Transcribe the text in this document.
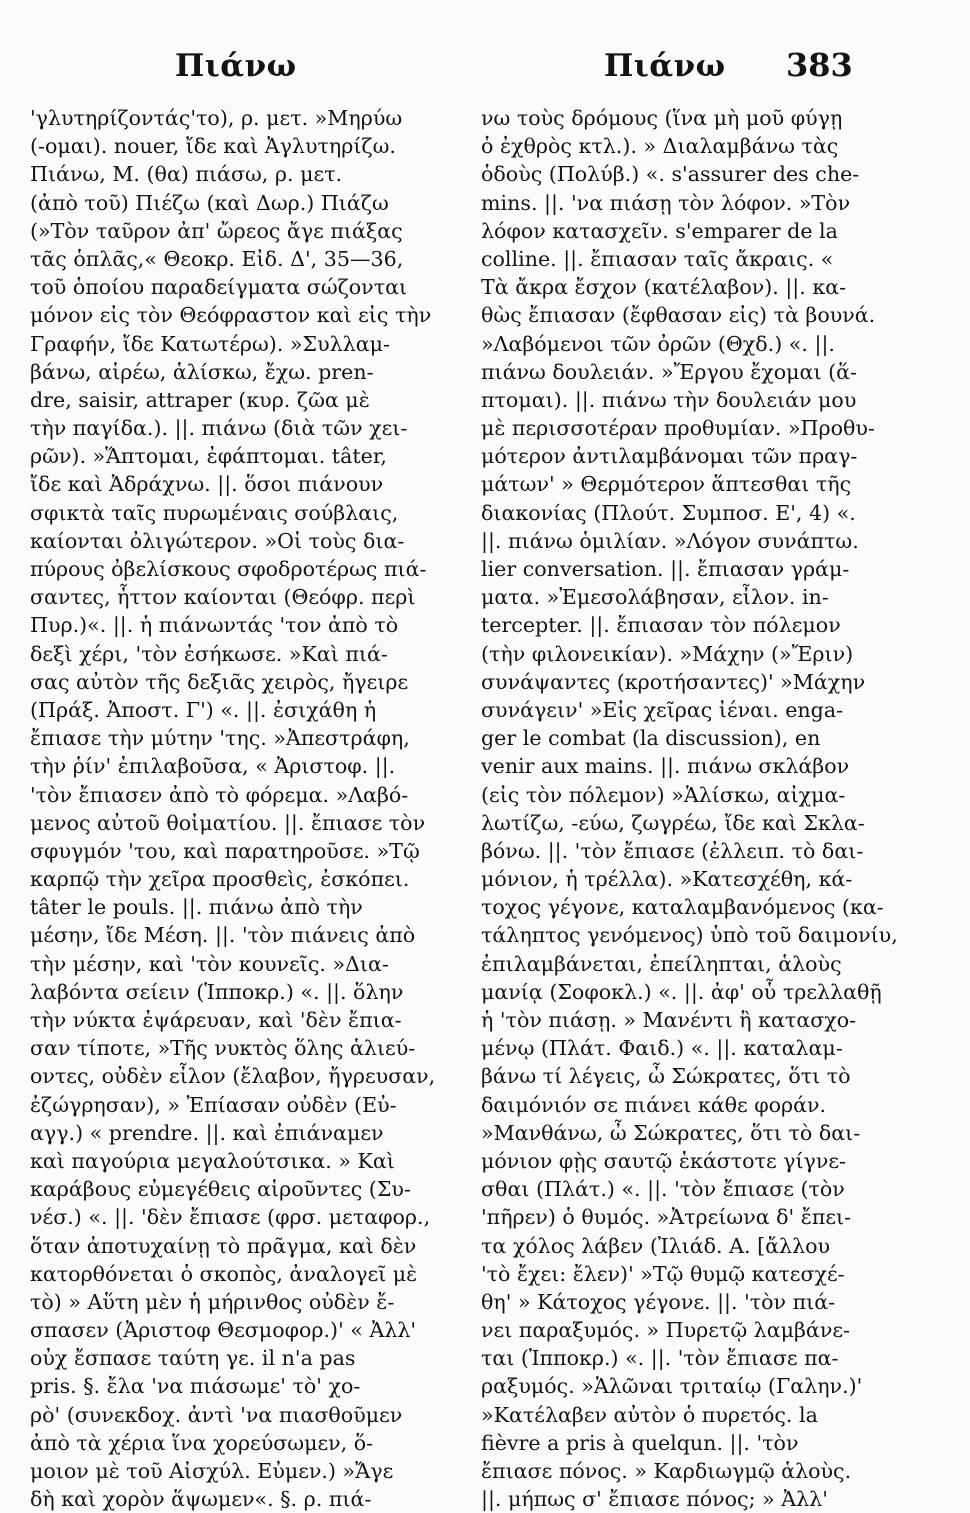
Πιάνω	Πιάνω 383
'γλυτηρίζοντάς'το), ρ. μετ. »Μηρύω
(-ομαι). nouer, ἴδε καὶ Ἀγλυτηρίζω.
Πιάνω, Μ. (θα) πιάσω, ρ. μετ.
(ἀπὸ τοῦ) Πιέζω (καὶ Δωρ.) Πιάζω
(»Τὸν ταῦρον ἀπ' ὤρεος ἄγε πιάξας
τᾶς ὁπλᾶς,« Θεοκρ. Εἰδ. Δ', 35—36,
τοῦ ὁποίου παραδείγματα σώζονται
μόνον εἰς τὸν Θεόφραστον καὶ εἰς τὴν
Γραφήν, ἴδε Κατωτέρω). »Συλλαμ-
βάνω, αἱρέω, ἁλίσκω, ἔχω. pren-
dre, saisir, attraper (κυρ. ζῶα μὲ
τὴν παγίδα.). ||. πιάνω (διὰ τῶν χει-
ρῶν). »Ἅπτομαι, ἐφάπτομαι. tâter,
ἴδε καὶ Ἀδράχνω. ||. ὅσοι πιάνουν
σφικτὰ ταῖς πυρωμέναις σούβλαις,
καίονται ὀλιγώτερον. »Οἱ τοὺς δια-
πύρους ὀβελίσκους σφοδροτέρως πιά-
σαντες, ἧττον καίονται (Θεόφρ. περὶ
Πυρ.)«. ||. ἡ πιάνωντάς 'τον ἀπὸ τὸ
δεξὶ χέρι, 'τὸν ἐσήκωσε. »Καὶ πιά-
σας αὐτὸν τῆς δεξιᾶς χειρὸς, ἤγειρε
(Πράξ. Ἀποστ. Γ') «. ||. ἐσιχάθη ἡ
ἔπιασε τὴν μύτην 'της. »Ἀπεστράφη,
τὴν ῥίν' ἐπιλαβοῦσα, « Ἀριστοφ. ||.
'τὸν ἔπιασεν ἀπὸ τὸ φόρεμα. »Λαβό-
μενος αὐτοῦ θοἰματίου. ||. ἔπιασε τὸν
σφυγμόν 'του, καὶ παρατηροῦσε. »Τῷ
καρπῷ τὴν χεῖρα προσθεὶς, ἐσκόπει.
tâter le pouls. ||. πιάνω ἀπὸ τὴν
μέσην, ἴδε Μέση. ||. 'τὸν πιάνεις ἀπὸ
τὴν μέσην, καὶ 'τὸν κουνεῖς. »Δια-
λαβόντα σείειν (Ἱπποκρ.) «. ||. ὅλην
τὴν νύκτα ἐψάρευαν, καὶ 'δὲν ἔπια-
σαν τίποτε, »Τῆς νυκτὸς ὅλης ἁλιεύ-
οντες, οὐδὲν εἶλον (ἔλαβον, ἤγρευσαν,
ἐζώγρησαν), » Ἐπίασαν οὐδὲν (Εὐ-
αγγ.) « prendre. ||. καὶ ἐπιάναμεν
καὶ παγούρια μεγαλούτσικα. » Καὶ
καράβους εὐμεγέθεις αἱροῦντες (Συ-
νέσ.) «. ||. 'δὲν ἔπιασε (φρσ. μεταφορ.,
ὅταν ἀποτυχαίνῃ τὸ πρᾶγμα, καὶ δὲν
κατορθόνεται ὁ σκοπὸς, ἀναλογεῖ μὲ
τὸ) » Αὕτη μὲν ἡ μήρινθος οὐδὲν ἔ-
σπασεν (Ἀριστοφ Θεσμοφορ.)' « Ἀλλ'
οὐχ ἔσπασε ταύτη γε. il n'a pas
pris. §. ἔλα 'να πιάσωμε' τὸ' χο-
ρὸ' (συνεκδοχ. ἀντὶ 'να πιασθοῦμεν
ἀπὸ τὰ χέρια ἵνα χορεύσωμεν, ὅ-
μοιον μὲ τοῦ Αἰσχύλ. Εὐμεν.) »Ἄγε
δὴ καὶ χορὸν ἅψωμεν«. §. ρ. πιά-
νω τοὺς δρόμους (ἵνα μὴ μοῦ φύγῃ
ὁ ἐχθρὸς κτλ.). » Διαλαμβάνω τὰς
ὁδοὺς (Πολύβ.) «. s'assurer des che-
mins. ||. 'να πιάσῃ τὸν λόφον. »Τὸν
λόφον κατασχεῖν. s'emparer de la
colline. ||. ἔπιασαν ταῖς ἄκραις. «
Τὰ ἄκρα ἔσχον (κατέλαβον). ||. κα-
θὼς ἔπιασαν (ἔφθασαν εἰς) τὰ βουνά.
»Λαβόμενοι τῶν ὀρῶν (Θχδ.) «. ||.
πιάνω δουλειάν. »Ἔργου ἔχομαι (ἅ-
πτομαι). ||. πιάνω τὴν δουλειάν μου
μὲ περισσοτέραν προθυμίαν. »Προθυ-
μότερον ἀντιλαμβάνομαι τῶν πραγ-
μάτων' » Θερμότερον ἅπτεσθαι τῆς
διακονίας (Πλούτ. Συμποσ. Ε', 4) «.
||. πιάνω ὁμιλίαν. »Λόγον συνάπτω.
lier conversation. ||. ἔπιασαν γράμ-
ματα. »Ἐμεσολάβησαν, εἶλον. in-
tercepter. ||. ἔπιασαν τὸν πόλεμον
(τὴν φιλονεικίαν). »Μάχην (»Ἔριν)
συνάψαντες (κροτήσαντες)' »Μάχην
συνάγειν' »Εἰς χεῖρας ἰέναι. enga-
ger le combat (la discussion), en
venir aux mains. ||. πιάνω σκλάβον
(εἰς τὸν πόλεμον) »Ἁλίσκω, αἰχμα-
λωτίζω, -εύω, ζωγρέω, ἴδε καὶ Σκλα-
βόνω. ||. 'τὸν ἔπιασε (ἐλλειπ. τὸ δαι-
μόνιον, ἡ τρέλλα). »Κατεσχέθη, κά-
τοχος γέγονε, καταλαμβανόμενος (κα-
τάληπτος γενόμενος) ὑπὸ τοῦ δαιμονίυ,
ἐπιλαμβάνεται, ἐπείληπται, ἁλοὺς
μανίᾳ (Σοφοκλ.) «. ||. ἀφ' οὗ τρελλαθῇ
ἡ 'τὸν πιάσῃ. » Μανέντι ἢ κατασχο-
μένῳ (Πλάτ. Φαιδ.) «. ||. καταλαμ-
βάνω τί λέγεις, ὦ Σώκρατες, ὅτι τὸ
δαιμόνιόν σε πιάνει κάθε φοράν.
»Μανθάνω, ὦ Σώκρατες, ὅτι τὸ δαι-
μόνιον φῂς σαυτῷ ἑκάστοτε γίγνε-
σθαι (Πλάτ.) «. ||. 'τὸν ἔπιασε (τὸν
'πῆρεν) ὁ θυμός. »Ἀτρείωνα δ' ἔπει-
τα χόλος λάβεν (Ἰλιάδ. Α. [ἄλλου
'τὸ ἔχει: ἔλεν)' »Τῷ θυμῷ κατεσχέ-
θη' » Κάτοχος γέγονε. ||. 'τὸν πιά-
νει παραξυμός. » Πυρετῷ λαμβάνε-
ται (Ἱπποκρ.) «. ||. 'τὸν ἔπιασε πα-
ραξυμός. »Ἁλῶναι τριταίῳ (Γαλην.)'
»Κατέλαβεν αὐτὸν ὁ πυρετός. la
fièvre a pris à quelqun. ||. 'τὸν
ἔπιασε πόνος. » Καρδιωγμῷ ἁλοὺς.
||. μήπως σ' ἔπιασε πόνος; » Ἀλλ'
